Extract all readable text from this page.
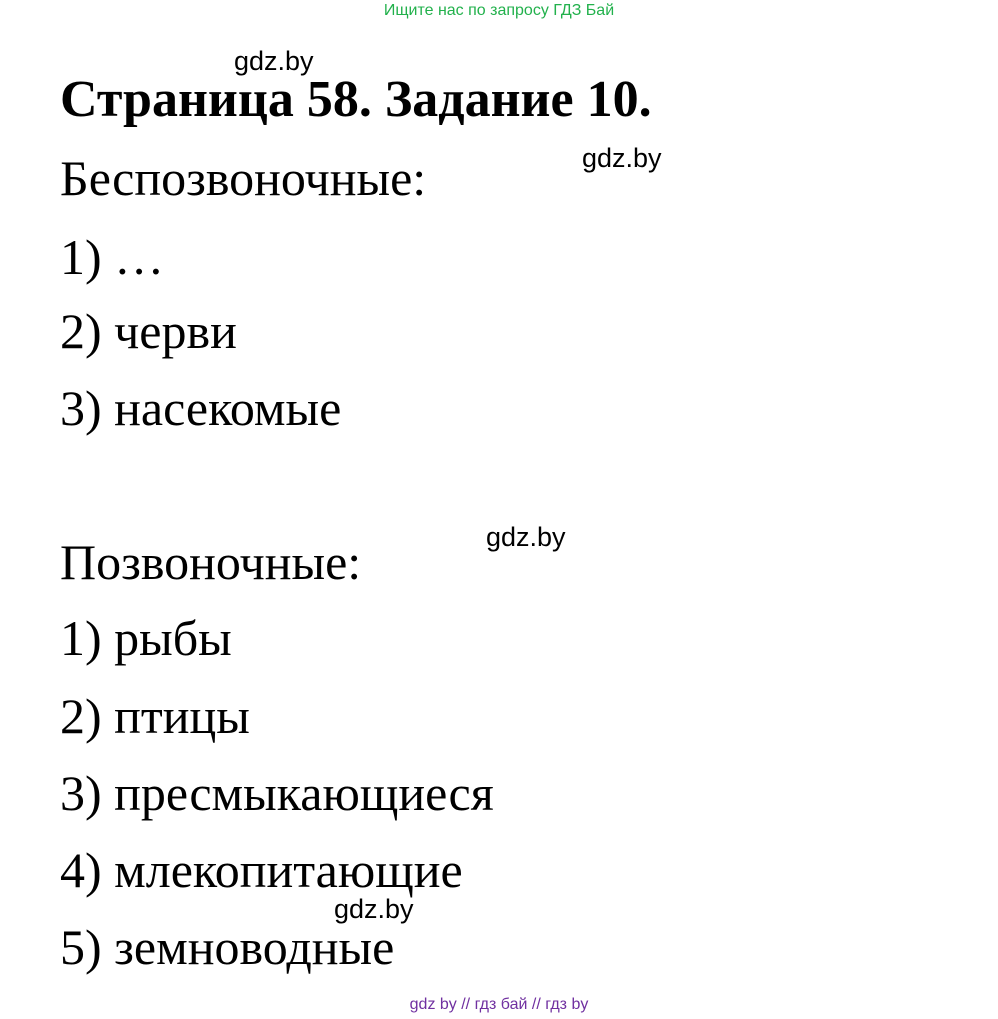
Ищите нас по запросу ГДЗ Бай
gdz.by
Страница 58. Задание 10.
gdz.by
Беспозвоночные:
1) …
2) черви
3) насекомые
gdz.by
Позвоночные:
1) рыбы
2) птицы
3) пресмыкающиеся
4) млекопитающие
gdz.by
5) земноводные
gdz by // гдз бай // гдз by
